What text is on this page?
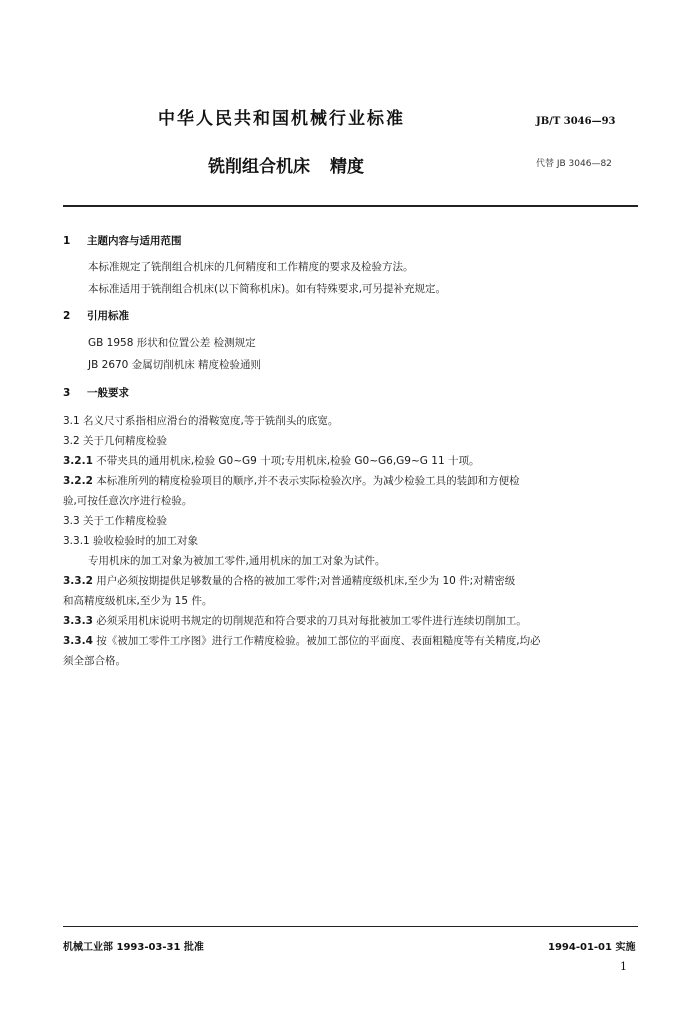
中华人民共和国机械行业标准	JB/T 3046—93
铣削组合机床 精度	代替 JB 3046—82
1 主题内容与适用范围
本标准规定了铣削组合机床的几何精度和工作精度的要求及检验方法。
本标准适用于铣削组合机床(以下简称机床)。如有特殊要求,可另提补充规定。
2 引用标准
GB 1958 形状和位置公差 检测规定
JB 2670 金属切削机床 精度检验通则
3 一般要求
3.1 名义尺寸系指相应滑台的滑鞍宽度,等于铣削头的底宽。
3.2 关于几何精度检验
3.2.1 不带夹具的通用机床,检验 G0~G9 十项;专用机床,检验 G0~G6,G9~G 11 十项。
3.2.2 本标准所列的精度检验项目的顺序,并不表示实际检验次序。为减少检验工具的装卸和方便检
验,可按任意次序进行检验。
3.3 关于工作精度检验
3.3.1 验收检验时的加工对象
专用机床的加工对象为被加工零件,通用机床的加工对象为试件。
3.3.2 用户必须按期提供足够数量的合格的被加工零件;对普通精度级机床,至少为 10 件;对精密级
和高精度级机床,至少为 15 件。
3.3.3 必须采用机床说明书规定的切削规范和符合要求的刀具对每批被加工零件进行连续切削加工。
3.3.4 按《被加工零件工序图》进行工作精度检验。被加工部位的平面度、表面粗糙度等有关精度,均必
须全部合格。
机械工业部 1993-03-31 批准	1994-01-01 实施
1
